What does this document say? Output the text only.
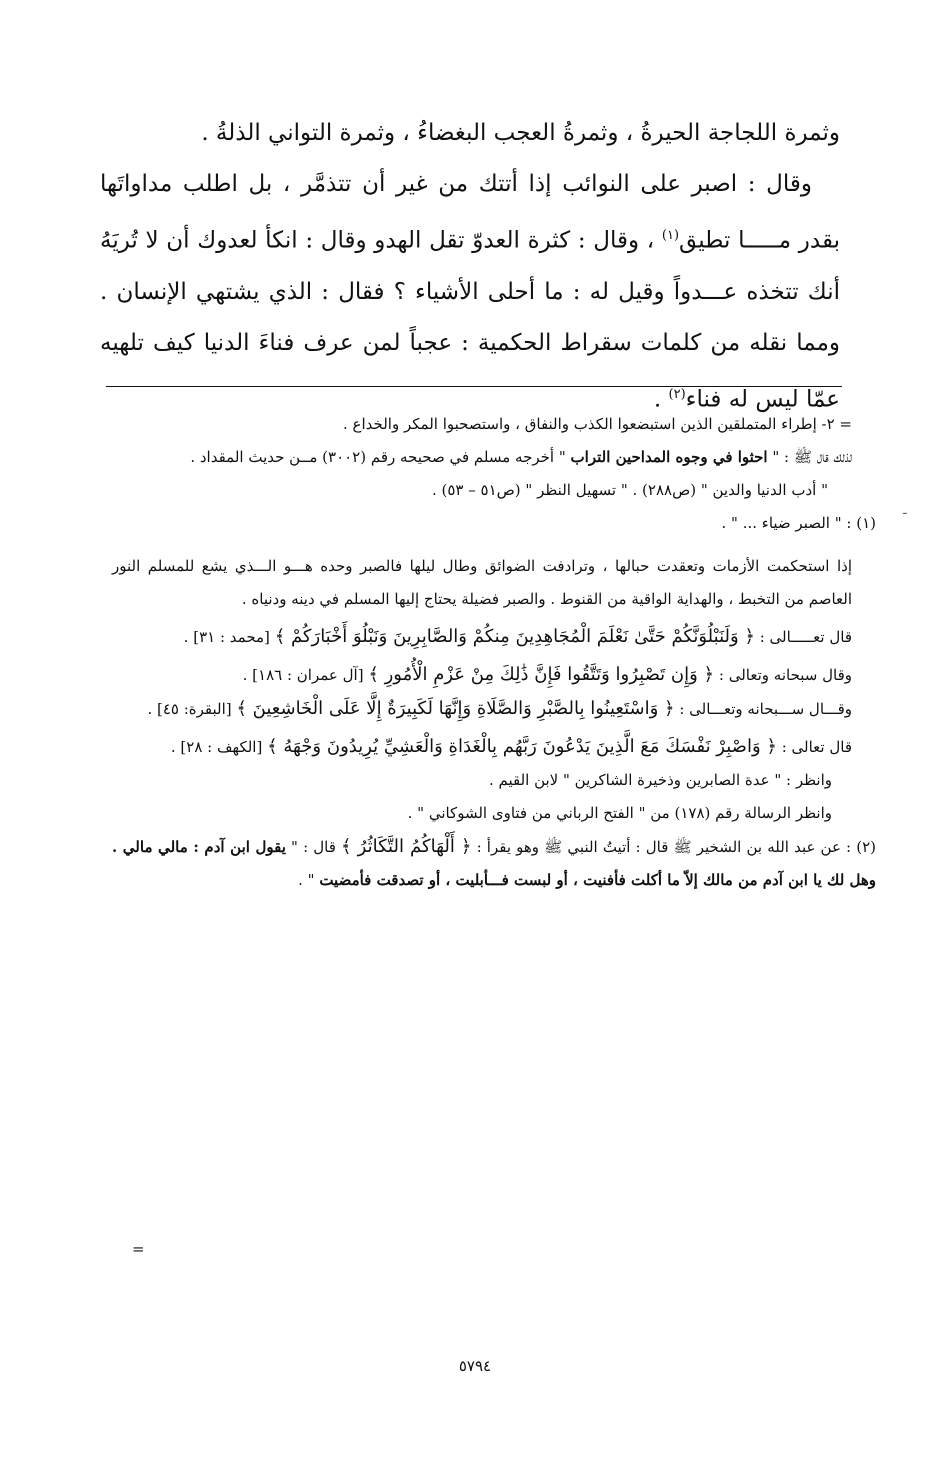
وثمرة اللجاجة الحيرةُ ، وثمرةُ العجب البغضاءُ ، وثمرة التواني الذلةُ .

وقال : اصبر على النوائب إذا أتتك من غير أن تتذمَّر ، بل اطلب مداواتَها بقدر مـــــا تطيق$^{(١)}$ ، وقال : كثرة العدوّ تقل الهدو وقال : انكأ لعدوك أن لا تُريَهُ أنك تتخذه عـــدواً وقيل له : ما أحلى الأشياء ؟ فقال : الذي يشتهي الإنسان . ومما نقله من كلمات سقراط الحكمية : عجباً لمن عرف فناءَ الدنيا كيف تلهيه عمّا ليس له فناء$^{(٢)}$ .

= ٢- إطراء المتملقين الذين استبضعوا الكذب والنفاق ، واستصحبوا المكر والخداع .

لذلك قال ﷺ : " احثوا في وجوه المداحين التراب " أخرجه مسلم في صحيحه رقم (٣٠٠٢) مــن حديث المقداد .

" أدب الدنيا والدين " (ص٢٨٨) . " تسهيل النظر " (ص٥١ – ٥٣) .

(١) : " الصبر ضياء ... " .

إذا استحكمت الأزمات وتعقدت حبالها ، وترادفت الضوائق وطال ليلها فالصبر وحده هـــو الـــذي يشع للمسلم النور العاصم من التخبط ، والهداية الواقية من القنوط . والصبر فضيلة يحتاج إليها المسلم في دينه ودنياه .

قال تعـــــالى : ﴿ وَلَنَبْلُوَنَّكُمْ حَتَّىٰ نَعْلَمَ الْمُجَاهِدِينَ مِنكُمْ وَالصَّابِرِينَ وَنَبْلُوَ أَخْبَارَكُمْ ﴾ [محمد : ٣١] .

وقال سبحانه وتعالى : ﴿ وَإِن تَصْبِرُوا وَتَتَّقُوا فَإِنَّ ذَٰلِكَ مِنْ عَزْمِ الْأُمُورِ ﴾ [آل عمران : ١٨٦] .

وقـــال ســـبحانه وتعـــالى : ﴿ وَاسْتَعِينُوا بِالصَّبْرِ وَالصَّلَاةِ وَإِنَّهَا لَكَبِيرَةٌ إِلَّا عَلَى الْخَاشِعِينَ ﴾ [البقرة: ٤٥] .

قال تعالى : ﴿ وَاصْبِرْ نَفْسَكَ مَعَ الَّذِينَ يَدْعُونَ رَبَّهُم بِالْغَدَاةِ وَالْعَشِيِّ يُرِيدُونَ وَجْهَهُ ﴾ [الكهف : ٢٨] .

وانظر : " عدة الصابرين وذخيرة الشاكرين " لابن القيم .

وانظر الرسالة رقم (١٧٨) من " الفتح الرباني من فتاوى الشوكاني " .

(٢) : عن عبد الله بن الشخير ﷺ قال : أتيتُ النبي ﷺ وهو يقرأ : ﴿ أَلْهَاكُمُ التَّكَاثُرُ ﴾ قال : " يقول ابن آدم : مالي مالي . وهل لك يا ابن آدم من مالك إلاّ ما أكلت فأفنيت ، أو لبست فـــأبليت ، أو تصدقت فأمضيت " .

=
ـ
٥٧٩٤
